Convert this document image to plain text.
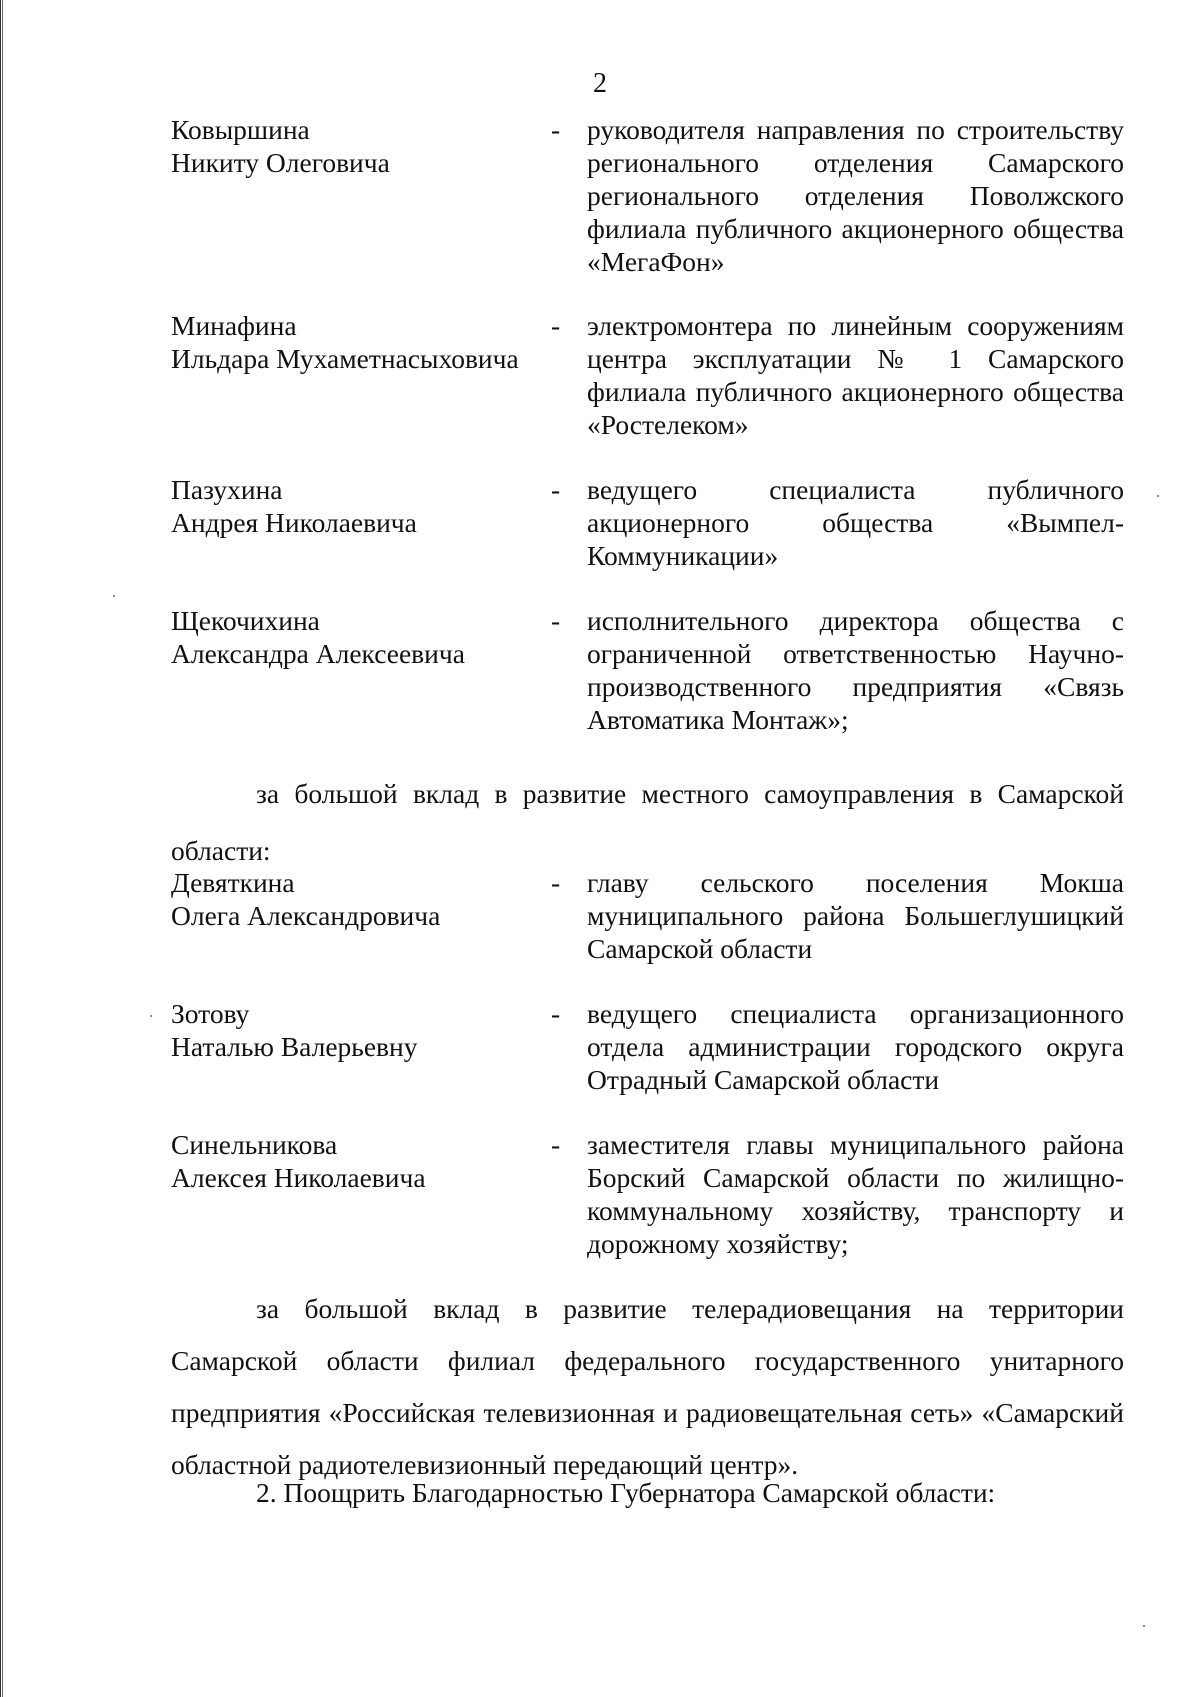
2
Ковыршина
Никиту Олеговича
- руководителя направления по строительству регионального отделения Самарского регионального отделения Поволжского филиала публичного акционерного общества «МегаФон»
Минафина
Ильдара Мухаметнасыховича
- электромонтера по линейным сооружениям центра эксплуатации № 1 Самарского филиала публичного акционерного общества «Ростелеком»
Пазухина
Андрея Николаевича
- ведущего специалиста публичного акционерного общества «Вымпел-Коммуникации»
Щекочихина
Александра Алексеевича
- исполнительного директора общества с ограниченной ответственностью Научно-производственного предприятия «Связь Автоматика Монтаж»;
за большой вклад в развитие местного самоуправления в Самарской области:
Девяткина
Олега Александровича
- главу сельского поселения Мокша муниципального района Большеглушицкий Самарской области
Зотову
Наталью Валерьевну
- ведущего специалиста организационного отдела администрации городского округа Отрадный Самарской области
Синельникова
Алексея Николаевича
- заместителя главы муниципального района Борский Самарской области по жилищно-коммунальному хозяйству, транспорту и дорожному хозяйству;
за большой вклад в развитие телерадиовещания на территории Самарской области филиал федерального государственного унитарного предприятия «Российская телевизионная и радиовещательная сеть» «Самарский областной радиотелевизионный передающий центр».
2. Поощрить Благодарностью Губернатора Самарской области:
